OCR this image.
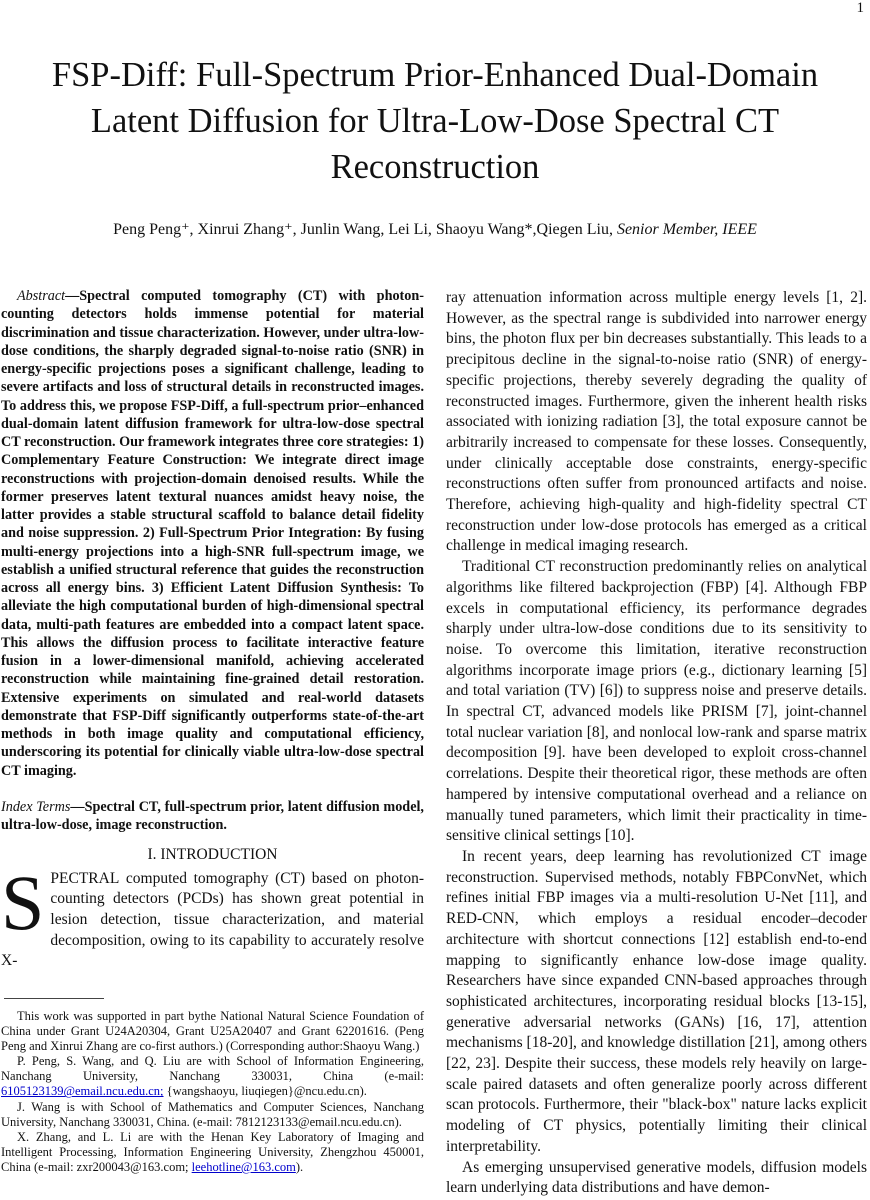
1
FSP-Diff: Full-Spectrum Prior-Enhanced Dual-Domain Latent Diffusion for Ultra-Low-Dose Spectral CT Reconstruction
Peng Peng⁺, Xinrui Zhang⁺, Junlin Wang, Lei Li, Shaoyu Wang*,Qiegen Liu, Senior Member, IEEE

Abstract—Spectral computed tomography (CT) with photon-counting detectors holds immense potential for material discrimination and tissue characterization. However, under ultra-low-dose conditions, the sharply degraded signal-to-noise ratio (SNR) in energy-specific projections poses a significant challenge, leading to severe artifacts and loss of structural details in reconstructed images. To address this, we propose FSP-Diff, a full-spectrum prior–enhanced dual-domain latent diffusion framework for ultra-low-dose spectral CT reconstruction. Our framework integrates three core strategies: 1) Complementary Feature Construction: We integrate direct image reconstructions with projection-domain denoised results. While the former preserves latent textural nuances amidst heavy noise, the latter provides a stable structural scaffold to balance detail fidelity and noise suppression. 2) Full-Spectrum Prior Integration: By fusing multi-energy projections into a high-SNR full-spectrum image, we establish a unified structural reference that guides the reconstruction across all energy bins. 3) Efficient Latent Diffusion Synthesis: To alleviate the high computational burden of high-dimensional spectral data, multi-path features are embedded into a compact latent space. This allows the diffusion process to facilitate interactive feature fusion in a lower-dimensional manifold, achieving accelerated reconstruction while maintaining fine-grained detail restoration. Extensive experiments on simulated and real-world datasets demonstrate that FSP-Diff significantly outperforms state-of-the-art methods in both image quality and computational efficiency, underscoring its potential for clinically viable ultra-low-dose spectral CT imaging.

Index Terms—Spectral CT, full-spectrum prior, latent diffusion model, ultra-low-dose, image reconstruction.

I. INTRODUCTION

SPECTRAL computed tomography (CT) based on photon-counting detectors (PCDs) has shown great potential in lesion detection, tissue characterization, and material decomposition, owing to its capability to accurately resolve X-

This work was supported in part bythe National Natural Science Foundation of China under Grant U24A20304, Grant U25A20407 and Grant 62201616. (Peng Peng and Xinrui Zhang are co-first authors.) (Corresponding author:Shaoyu Wang.)

P. Peng, S. Wang, and Q. Liu are with School of Information Engineering, Nanchang University, Nanchang 330031, China (e-mail: 6105123139@email.ncu.edu.cn; {wangshaoyu, liuqiegen}@ncu.edu.cn).

J. Wang is with School of Mathematics and Computer Sciences, Nanchang University, Nanchang 330031, China. (e-mail: 7812123133@email.ncu.edu.cn).

X. Zhang, and L. Li are with the Henan Key Laboratory of Imaging and Intelligent Processing, Information Engineering University, Zhengzhou 450001, China (e-mail: zxr200043@163.com; leehotline@163.com).

ray attenuation information across multiple energy levels [1, 2]. However, as the spectral range is subdivided into narrower energy bins, the photon flux per bin decreases substantially. This leads to a precipitous decline in the signal-to-noise ratio (SNR) of energy-specific projections, thereby severely degrading the quality of reconstructed images. Furthermore, given the inherent health risks associated with ionizing radiation [3], the total exposure cannot be arbitrarily increased to compensate for these losses. Consequently, under clinically acceptable dose constraints, energy-specific reconstructions often suffer from pronounced artifacts and noise. Therefore, achieving high-quality and high-fidelity spectral CT reconstruction under low-dose protocols has emerged as a critical challenge in medical imaging research.

Traditional CT reconstruction predominantly relies on analytical algorithms like filtered backprojection (FBP) [4]. Although FBP excels in computational efficiency, its performance degrades sharply under ultra-low-dose conditions due to its sensitivity to noise. To overcome this limitation, iterative reconstruction algorithms incorporate image priors (e.g., dictionary learning [5] and total variation (TV) [6]) to suppress noise and preserve details. In spectral CT, advanced models like PRISM [7], joint-channel total nuclear variation [8], and nonlocal low-rank and sparse matrix decomposition [9]. have been developed to exploit cross-channel correlations. Despite their theoretical rigor, these methods are often hampered by intensive computational overhead and a reliance on manually tuned parameters, which limit their practicality in time-sensitive clinical settings [10].

In recent years, deep learning has revolutionized CT image reconstruction. Supervised methods, notably FBPConvNet, which refines initial FBP images via a multi-resolution U-Net [11], and RED-CNN, which employs a residual encoder–decoder architecture with shortcut connections [12] establish end-to-end mapping to significantly enhance low-dose image quality. Researchers have since expanded CNN-based approaches through sophisticated architectures, incorporating residual blocks [13-15], generative adversarial networks (GANs) [16, 17], attention mechanisms [18-20], and knowledge distillation [21], among others [22, 23]. Despite their success, these models rely heavily on large-scale paired datasets and often generalize poorly across different scan protocols. Furthermore, their "black-box" nature lacks explicit modeling of CT physics, potentially limiting their clinical interpretability.

As emerging unsupervised generative models, diffusion models learn underlying data distributions and have demon-
